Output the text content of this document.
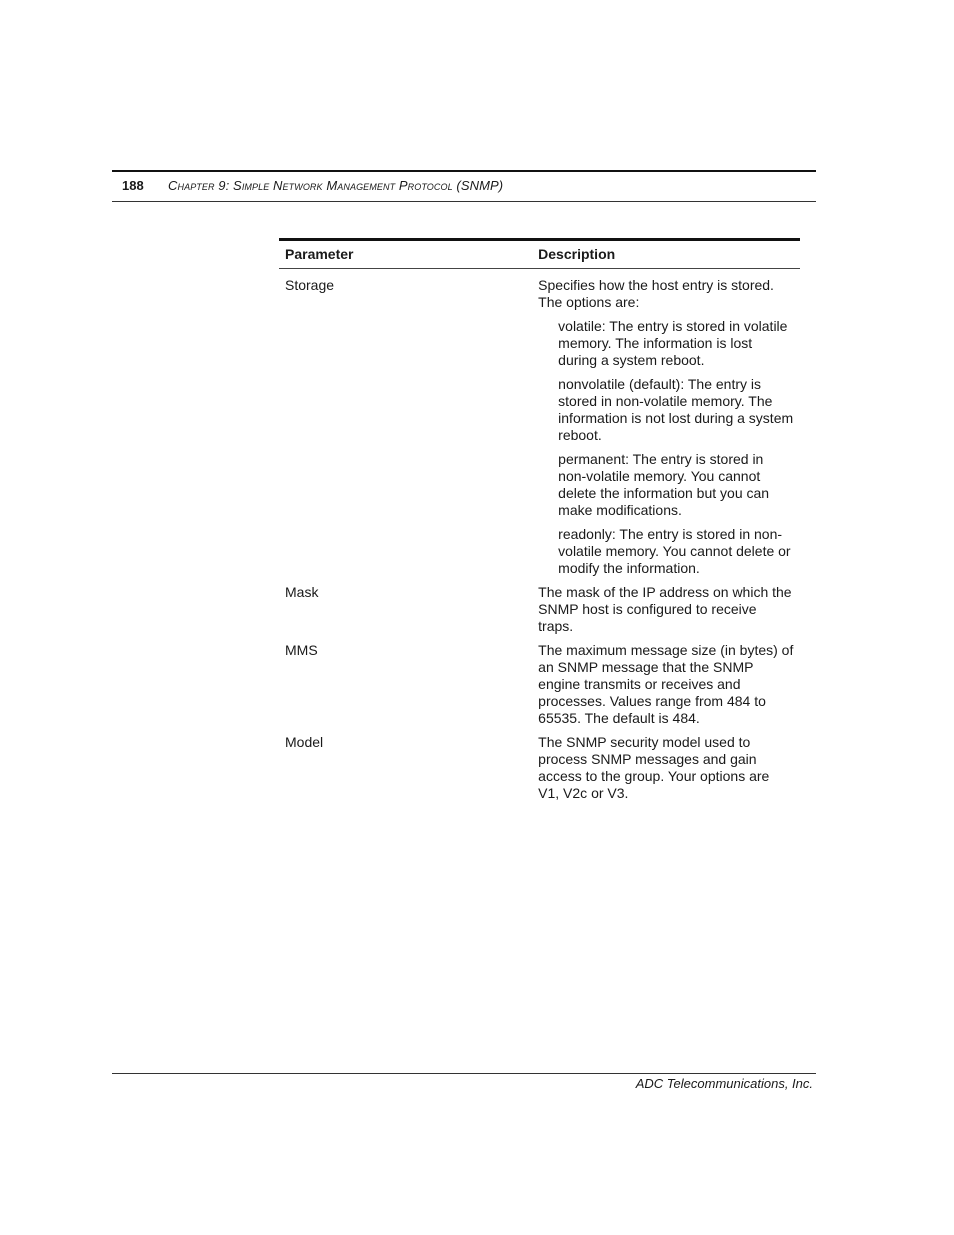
188 Chapter 9: Simple Network Management Protocol (SNMP)
Parameter	Description
Storage	Specifies how the host entry is stored. The options are:

volatile: The entry is stored in volatile memory. The information is lost during a system reboot.

nonvolatile (default): The entry is stored in non-volatile memory. The information is not lost during a system reboot.

permanent: The entry is stored in non-volatile memory. You cannot delete the information but you can make modifications.

readonly: The entry is stored in non-volatile memory. You cannot delete or modify the information.

Mask	The mask of the IP address on which the SNMP host is configured to receive traps.
MMS	The maximum message size (in bytes) of an SNMP message that the SNMP engine transmits or receives and processes. Values range from 484 to 65535. The default is 484.
Model	The SNMP security model used to process SNMP messages and gain access to the group. Your options are V1, V2c or V3.
ADC Telecommunications, Inc.
